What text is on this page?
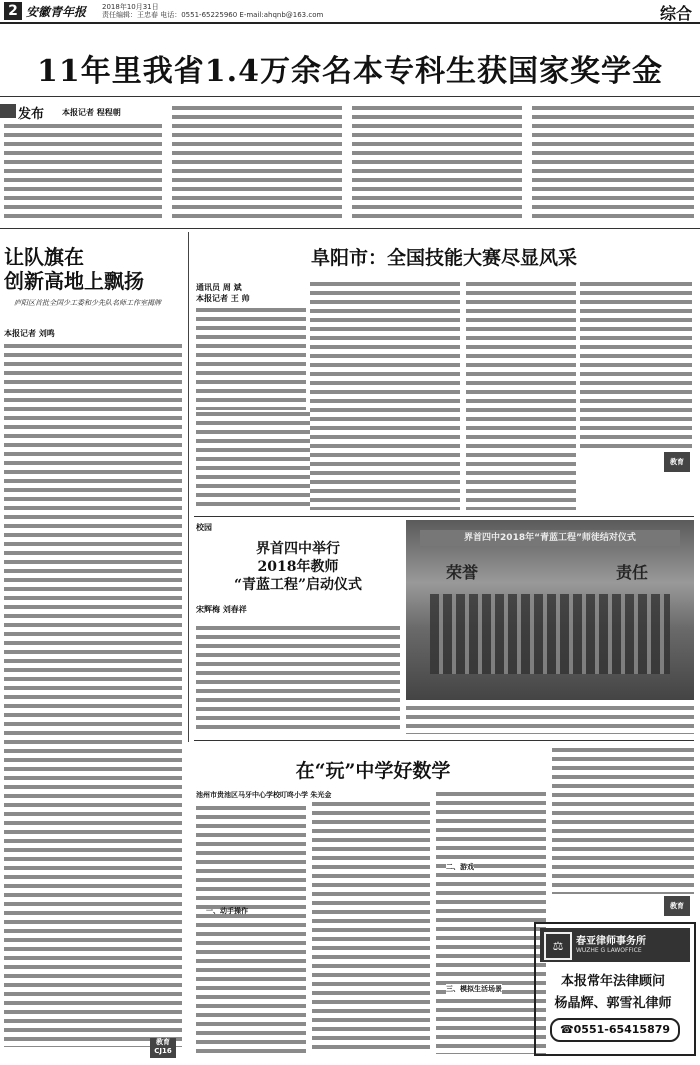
2 安徽青年报 2018年10月31日
责任编辑：王忠春 电话：0551-65225960 E-mail:ahqnb@163.com	综合
11年里我省1.4万余名本专科生获国家奖学金
发布 本报记者 程程朝
让队旗在
创新高地上飘扬
庐阳区首批全国少工委和少先队名师工作室揭牌
本报记者 刘鸣
教育
CJ16
阜阳市：全国技能大赛尽显风采
通讯员 周 斌
本报记者 王 帅
教育
校园
界首四中举行
2018年教师
“青蓝工程”启动仪式
宋辉梅 刘春祥
界首四中2018年“青蓝工程”师徒结对仪式
荣誉	责任
在“玩”中学好数学
池州市贵池区马牙中心学校叮咚小学 朱光金
一、动手操作
二、游戏
三、模拟生活场景
教育
⚖	春亚律师事务所
WUZHE G LAWOFFICE
本报常年法律顾问
杨晶辉、郭雪礼律师
☎0551-65415879
